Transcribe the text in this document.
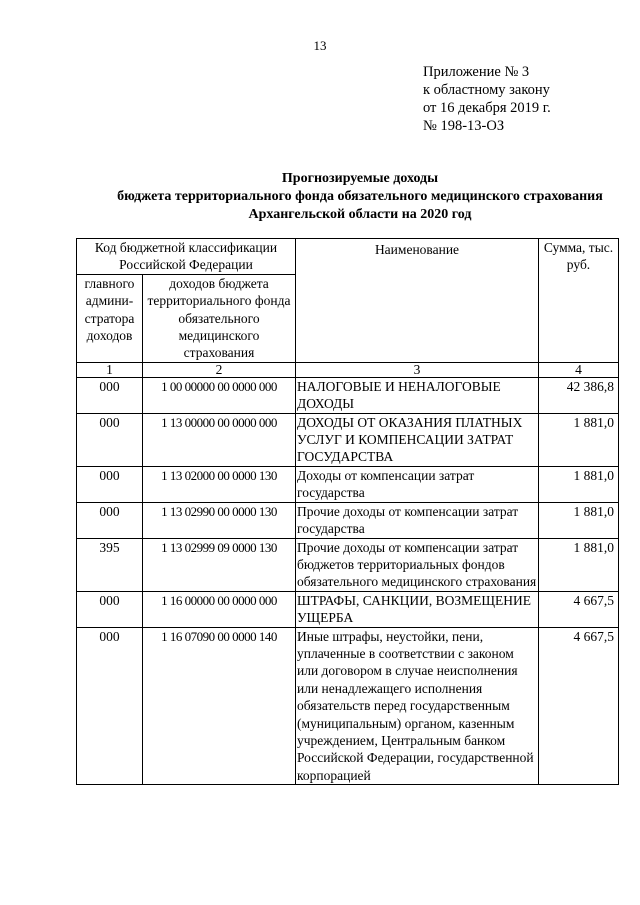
13
Приложение № 3
к областному закону
от 16 декабря 2019 г.
№ 198-13-ОЗ
Прогнозируемые доходы
бюджета территориального фонда обязательного медицинского страхования
Архангельской области на 2020 год
Код бюджетной классификации Российской Федерации		Наименование	Сумма, тыс. руб.
главного админи- стратора доходов	доходов бюджета территориального фонда обязательного медицинского страхования		
1	2	3	4
000	1 00 00000 00 0000 000	НАЛОГОВЫЕ И НЕНАЛОГОВЫЕ ДОХОДЫ	42 386,8
000	1 13 00000 00 0000 000	ДОХОДЫ ОТ ОКАЗАНИЯ ПЛАТНЫХ УСЛУГ И КОМПЕНСАЦИИ ЗАТРАТ ГОСУДАРСТВА	1 881,0
000	1 13 02000 00 0000 130	Доходы от компенсации затрат государства	1 881,0
000	1 13 02990 00 0000 130	Прочие доходы от компенсации затрат государства	1 881,0
395	1 13 02999 09 0000 130	Прочие доходы от компенсации затрат бюджетов территориальных фондов обязательного медицинского страхования	1 881,0
000	1 16 00000 00 0000 000	ШТРАФЫ, САНКЦИИ, ВОЗМЕЩЕНИЕ УЩЕРБА	4 667,5
000	1 16 07090 00 0000 140	Иные штрафы, неустойки, пени, уплаченные в соответствии с законом или договором в случае неисполнения или ненадлежащего исполнения обязательств перед государственным (муниципальным) органом, казенным учреждением, Центральным банком Российской Федерации, государственной корпорацией	4 667,5
